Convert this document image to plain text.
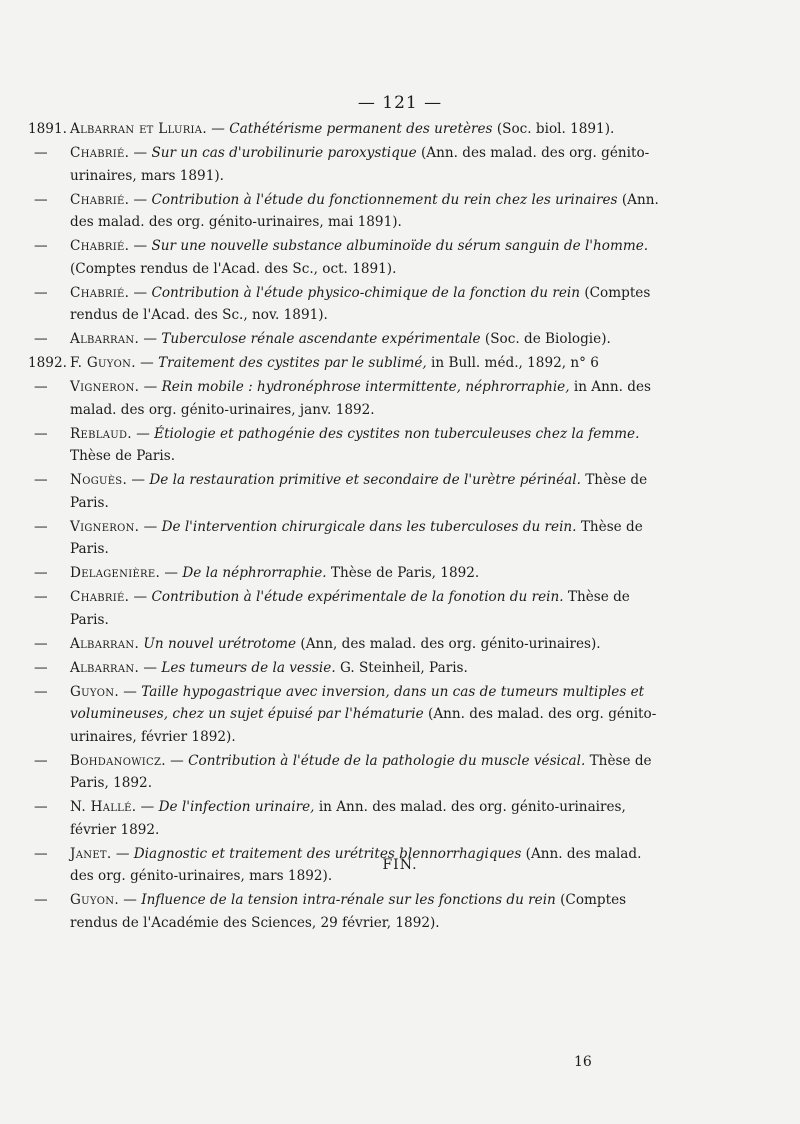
— 121 —
1891. Albarran et Lluria. — Cathétérisme permanent des uretères (Soc. biol. 1891).
—	Chabrié. — Sur un cas d'urobilinurie paroxystique (Ann. des malad. des org. génito-urinaires, mars 1891).
—	Chabrié. — Contribution à l'étude du fonctionnement du rein chez les urinaires (Ann. des malad. des org. génito-urinaires, mai 1891).
—	Chabrié. — Sur une nouvelle substance albuminoïde du sérum sanguin de l'homme. (Comptes rendus de l'Acad. des Sc., oct. 1891).
—	Chabrié. — Contribution à l'étude physico-chimique de la fonction du rein (Comptes rendus de l'Acad. des Sc., nov. 1891).
—	Albarran. — Tuberculose rénale ascendante expérimentale (Soc. de Biologie).
1892. F. Guyon. — Traitement des cystites par le sublimé, in Bull. méd., 1892, n° 6
—	Vigneron. — Rein mobile : hydronéphrose intermittente, néphrorraphie, in Ann. des malad. des org. génito-urinaires, janv. 1892.
—	Reblaud. — Étiologie et pathogénie des cystites non tuberculeuses chez la femme. Thèse de Paris.
—	Noguès. — De la restauration primitive et secondaire de l'urètre périnéal. Thèse de Paris.
—	Vigneron. — De l'intervention chirurgicale dans les tuberculoses du rein. Thèse de Paris.
—	Delagenière. — De la néphrorraphie. Thèse de Paris, 1892.
—	Chabrié. — Contribution à l'étude expérimentale de la fonotion du rein. Thèse de Paris.
—	Albarran. Un nouvel urétrotome (Ann, des malad. des org. génito-urinaires).
—	Albarran. — Les tumeurs de la vessie. G. Steinheil, Paris.
—	Guyon. — Taille hypogastrique avec inversion, dans un cas de tumeurs multiples et volumineuses, chez un sujet épuisé par l'hématurie (Ann. des malad. des org. génito-urinaires, février 1892).
—	Bohdanowicz. — Contribution à l'étude de la pathologie du muscle vésical. Thèse de Paris, 1892.
—	N. Hallé. — De l'infection urinaire, in Ann. des malad. des org. génito-urinaires, février 1892.
—	Janet. — Diagnostic et traitement des urétrites blennorrhagiques (Ann. des malad. des org. génito-urinaires, mars 1892).
—	Guyon. — Influence de la tension intra-rénale sur les fonctions du rein (Comptes rendus de l'Académie des Sciences, 29 février, 1892).
FIN.
16
